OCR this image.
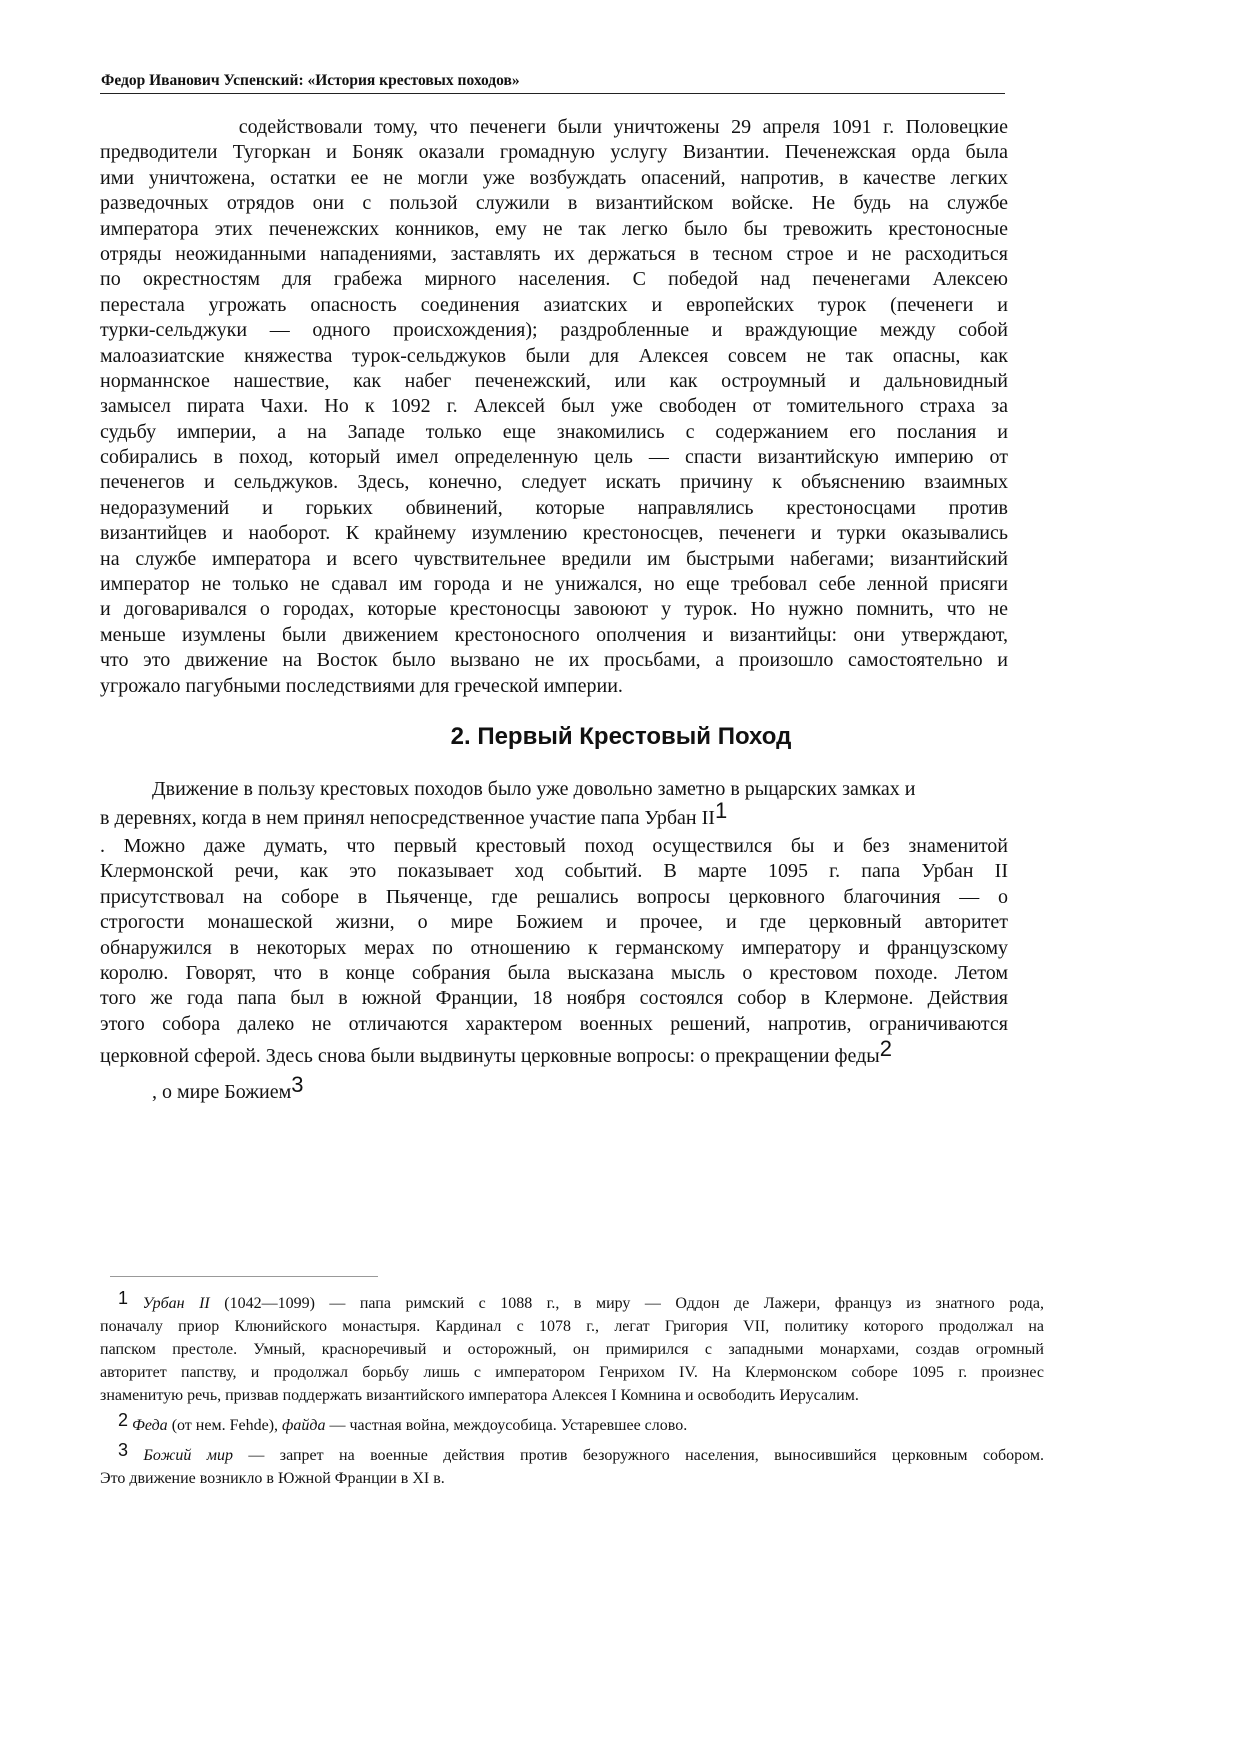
Федор Иванович Успенский: «История крестовых походов»
содействовали тому, что печенеги были уничтожены 29 апреля 1091 г. Половецкие
предводители Тугоркан и Боняк оказали громадную услугу Византии. Печенежская орда была
ими уничтожена, остатки ее не могли уже возбуждать опасений, напротив, в качестве легких
разведочных отрядов они с пользой служили в византийском войске. Не будь на службе
императора этих печенежских конников, ему не так легко было бы тревожить крестоносные
отряды неожиданными нападениями, заставлять их держаться в тесном строе и не расходиться
по окрестностям для грабежа мирного населения. С победой над печенегами Алексею
перестала угрожать опасность соединения азиатских и европейских турок (печенеги и
турки-сельджуки — одного происхождения); раздробленные и враждующие между собой
малоазиатские княжества турок-сельджуков были для Алексея совсем не так опасны, как
норманнское нашествие, как набег печенежский, или как остроумный и дальновидный
замысел пирата Чахи. Но к 1092 г. Алексей был уже свободен от томительного страха за
судьбу империи, а на Западе только еще знакомились с содержанием его послания и
собирались в поход, который имел определенную цель — спасти византийскую империю от
печенегов и сельджуков. Здесь, конечно, следует искать причину к объяснению взаимных
недоразумений и горьких обвинений, которые направлялись крестоносцами против
византийцев и наоборот. К крайнему изумлению крестоносцев, печенеги и турки оказывались
на службе императора и всего чувствительнее вредили им быстрыми набегами; византийский
император не только не сдавал им города и не унижался, но еще требовал себе ленной присяги
и договаривался о городах, которые крестоносцы завоюют у турок. Но нужно помнить, что не
меньше изумлены были движением крестоносного ополчения и византийцы: они утверждают,
что это движение на Восток было вызвано не их просьбами, а произошло самостоятельно и
угрожало пагубными последствиями для греческой империи.
2. Первый Крестовый Поход
Движение в пользу крестовых походов было уже довольно заметно в рыцарских замках и
в деревнях, когда в нем принял непосредственное участие папа Урбан $II^1$
. Можно даже думать, что первый крестовый поход осуществился бы и без знаменитой
Клермонской речи, как это показывает ход событий. В марте 1095 г. папа Урбан II
присутствовал на соборе в Пьяченце, где решались вопросы церковного благочиния — о
строгости монашеской жизни, о мире Божием и прочее, и где церковный авторитет
обнаружился в некоторых мерах по отношению к германскому императору и французскому
королю. Говорят, что в конце собрания была высказана мысль о крестовом походе. Летом
того же года папа был в южной Франции, 18 ноября состоялся собор в Клермоне. Действия
этого собора далеко не отличаются характером военных решений, напротив, ограничиваются
церковной сферой. Здесь снова были выдвинуты церковные вопросы: о прекращении феды$^2$
, о мире Божием$^3$
$^1$ Урбан II (1042—1099) — папа римский с 1088 г., в миру — Оддон де Лажери, француз из знатного рода,
поначалу приор Клюнийского монастыря. Кардинал с 1078 г., легат Григория VII, политику которого продолжал на
папском престоле. Умный, красноречивый и осторожный, он примирился с западными монархами, создав огромный
авторитет папству, и продолжал борьбу лишь с императором Генрихом IV. На Клермонском соборе 1095 г. произнес
знаменитую речь, призвав поддержать византийского императора Алексея I Комнина и освободить Иерусалим.
$^2$ Феда (от нем. Fehde), файда — частная война, междоусобица. Устаревшее слово.
$^3$ Божий мир — запрет на военные действия против безоружного населения, выносившийся церковным собором.
Это движение возникло в Южной Франции в XI в.
